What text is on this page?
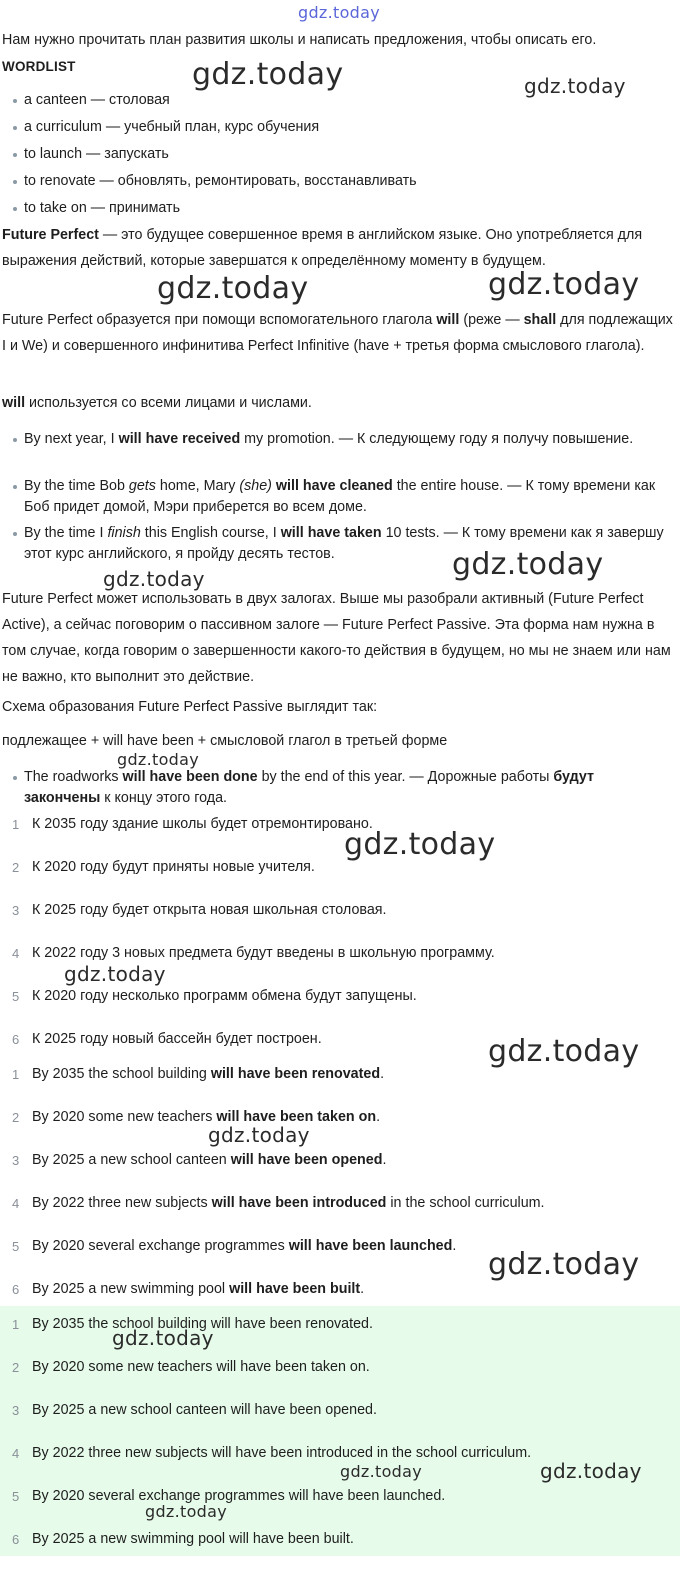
Нам нужно прочитать план развития школы и написать предложения, чтобы описать его.

WORDLIST

a canteen — столовая
a curriculum — учебный план, курс обучения
to launch — запускать
to renovate — обновлять, ремонтировать, восстанавливать
to take on — принимать

Future Perfect — это будущее совершенное время в английском языке. Оно употребляется для выражения действий, которые завершатся к определённому моменту в будущем.

Future Perfect образуется при помощи вспомогательного глагола will (реже — shall для подлежащих I и We) и совершенного инфинитива Perfect Infinitive (have + третья форма смыслового глагола).

will используется со всеми лицами и числами.

By next year, I will have received my promotion. — К следующему году я получу повышение.
By the time Bob gets home, Mary (she) will have cleaned the entire house. — К тому времени как Боб придет домой, Мэри приберется во всем доме.
By the time I finish this English course, I will have taken 10 tests. — К тому времени как я завершу этот курс английского, я пройду десять тестов.

Future Perfect может использовать в двух залогах. Выше мы разобрали активный (Future Perfect Active), а сейчас поговорим о пассивном залоге — Future Perfect Passive. Эта форма нам нужна в том случае, когда говорим о завершенности какого-то действия в будущем, но мы не знаем или нам не важно, кто выполнит это действие.

Схема образования Future Perfect Passive выглядит так:

подлежащее + will have been + смысловой глагол в третьей форме

The roadworks will have been done by the end of this year. — Дорожные работы будут закончены к концу этого года.
1 К 2035 году здание школы будет отремонтировано.
2 К 2020 году будут приняты новые учителя.
3 К 2025 году будет открыта новая школьная столовая.
4 К 2022 году 3 новых предмета будут введены в школьную программу.
5 К 2020 году несколько программ обмена будут запущены.
6 К 2025 году новый бассейн будет построен.
1 By 2035 the school building will have been renovated.
2 By 2020 some new teachers will have been taken on.
3 By 2025 a new school canteen will have been opened.
4 By 2022 three new subjects will have been introduced in the school curriculum.
5 By 2020 several exchange programmes will have been launched.
6 By 2025 a new swimming pool will have been built.
1 By 2035 the school building will have been renovated.
2 By 2020 some new teachers will have been taken on.
3 By 2025 a new school canteen will have been opened.
4 By 2022 three new subjects will have been introduced in the school curriculum.
5 By 2020 several exchange programmes will have been launched.
6 By 2025 a new swimming pool will have been built.
gdz.today
gdz.today	gdz.today
gdz.today	gdz.today
gdz.today	gdz.today
gdz.today
gdz.today
gdz.today
gdz.today
gdz.today
gdz.today
gdz.today
gdz.today	gdz.today
gdz.today
